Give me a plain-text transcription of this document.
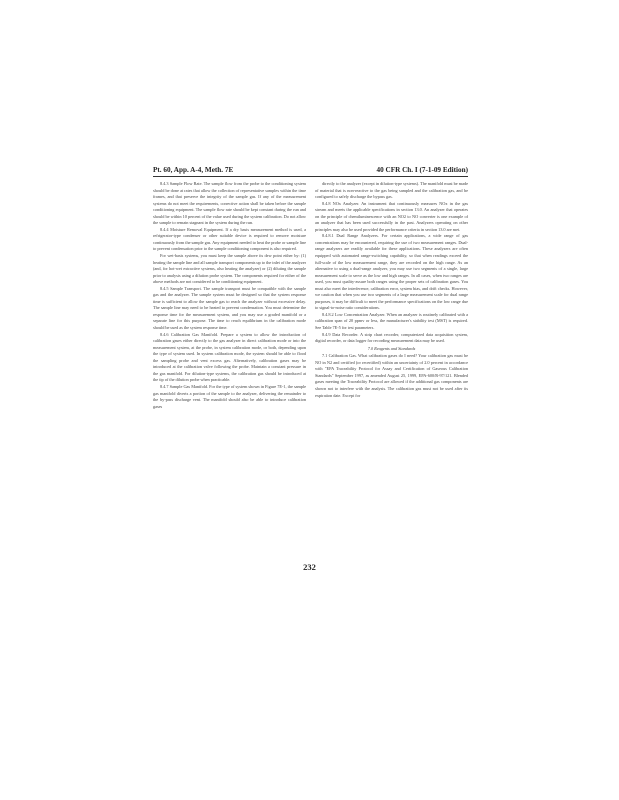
Pt. 60, App. A-4, Meth. 7E	40 CFR Ch. I (7-1-09 Edition)

8.4.3 Sample Flow Rate. The sample flow from the probe to the conditioning system should be done at rates that allow the collection of representative samples within the time frames, and that preserve the integrity of the sample gas. If any of the measurement systems do not meet the requirements, corrective action shall be taken before the sample conditioning equipment. The sample flow rate should be kept constant during the run and should be within 10 percent of the value used during the system calibration. Do not allow the sample to remain stagnant in the system during the run.

8.4.4 Moisture Removal Equipment. If a dry basis measurement method is used, a refrigerator-type condenser or other suitable device is required to remove moisture continuously from the sample gas. Any equipment needed to heat the probe or sample line to prevent condensation prior to the sample conditioning component is also required.

For wet-basis systems, you must keep the sample above its dew point either by: (1) heating the sample line and all sample transport components up to the inlet of the analyzer (and, for hot-wet extractive systems, also heating the analyzer) or (2) diluting the sample prior to analysis using a dilution probe system. The components required for either of the above methods are not considered to be conditioning equipment.

8.4.5 Sample Transport. The sample transport must be compatible with the sample gas and the analyzer. The sample system must be designed so that the system response time is sufficient to allow the sample gas to reach the analyzer without excessive delay. The sample line may need to be heated to prevent condensation. You must determine the response time for the measurement system, and you may use a graded manifold or a separate line for this purpose. The time to reach equilibrium in the calibration mode should be used as the system response time.

8.4.6 Calibration Gas Manifold. Prepare a system to allow the introduction of calibration gases either directly to the gas analyzer in direct calibration mode or into the measurement system, at the probe, in system calibration mode, or both, depending upon the type of system used. In system calibration mode, the system should be able to flood the sampling probe and vent excess gas. Alternatively, calibration gases may be introduced at the calibration valve following the probe. Maintain a constant pressure in the gas manifold. For dilution-type systems, the calibration gas should be introduced at the tip of the dilution probe when practicable.

8.4.7 Sample Gas Manifold. For the type of system shown in Figure 7E-1, the sample gas manifold diverts a portion of the sample to the analyzer, delivering the remainder to the by-pass discharge vent. The manifold should also be able to introduce calibration gases

directly to the analyzer (except in dilution-type systems). The manifold must be made of material that is non-reactive to the gas being sampled and the calibration gas, and be configured to safely discharge the bypass gas.

8.4.8 NOx Analyzer. An instrument that continuously measures NOx in the gas stream and meets the applicable specifications in section 13.0. An analyzer that operates on the principle of chemiluminescence with an NO2 to NO converter is one example of an analyzer that has been used successfully in the past. Analyzers operating on other principles may also be used provided the performance criteria in section 13.0 are met.

8.4.8.1 Dual Range Analyzers. For certain applications, a wide range of gas concentrations may be encountered, requiring the use of two measurement ranges. Dual-range analyzers are readily available for these applications. These analyzers are often equipped with automated range-switching capability, so that when readings exceed the full-scale of the low measurement range, they are recorded on the high range. As an alternative to using a dual-range analyzer, you may use two segments of a single, large measurement scale to serve as the low and high ranges. In all cases, when two ranges are used, you must quality-assure both ranges using the proper sets of calibration gases. You must also meet the interference, calibration error, system bias, and drift checks. However, we caution that when you use two segments of a large measurement scale for dual range purposes, it may be difficult to meet the performance specifications on the low range due to signal-to-noise ratio considerations.

8.4.8.2 Low Concentration Analyzer. When an analyzer is routinely calibrated with a calibration span of 20 ppmv or less, the manufacturer's stability test (MST) is required. See Table 7E-5 for test parameters.

8.4.9 Data Recorder. A strip chart recorder, computerized data acquisition system, digital recorder, or data logger for recording measurement data may be used.

7.0 Reagents and Standards

7.1 Calibration Gas. What calibration gases do I need? Your calibration gas must be NO in N2 and certified (or recertified) within an uncertainty of 2.0 percent in accordance with "EPA Traceability Protocol for Assay and Certification of Gaseous Calibration Standards" September 1997, as amended August 25, 1999, EPA-600/R-97/121. Blended gases meeting the Traceability Protocol are allowed if the additional gas components are shown not to interfere with the analysis. The calibration gas must not be used after its expiration date. Except for

232
